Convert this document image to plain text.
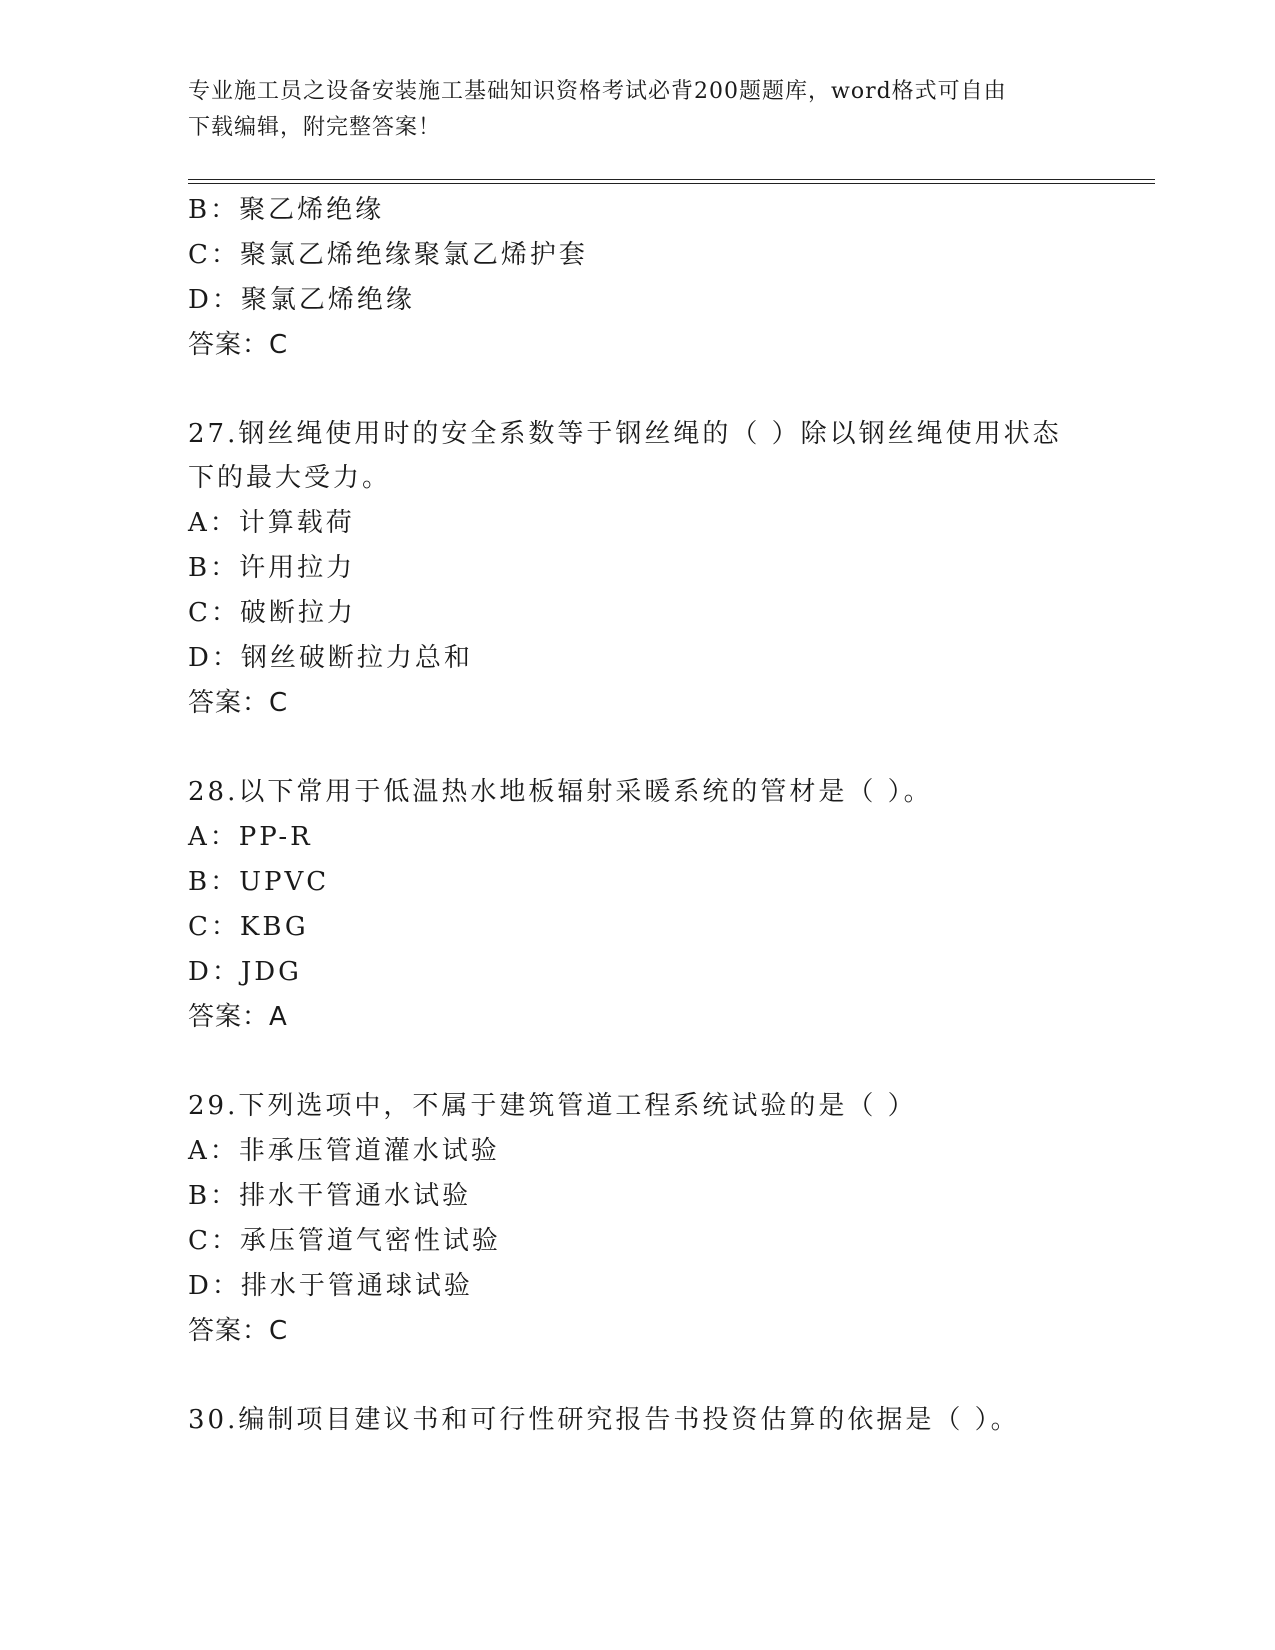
专业施工员之设备安装施工基础知识资格考试必背200题题库，word格式可自由
下载编辑，附完整答案！
B：聚乙烯绝缘
C：聚氯乙烯绝缘聚氯乙烯护套
D：聚氯乙烯绝缘
答案：C
27.钢丝绳使用时的安全系数等于钢丝绳的（ ）除以钢丝绳使用状态
下的最大受力。
A：计算载荷
B：许用拉力
C：破断拉力
D：钢丝破断拉力总和
答案：C
28.以下常用于低温热水地板辐射采暖系统的管材是（ ）。
A：PP-R
B：UPVC
C：KBG
D：JDG
答案：A
29.下列选项中，不属于建筑管道工程系统试验的是（ ）
A：非承压管道灌水试验
B：排水干管通水试验
C：承压管道气密性试验
D：排水于管通球试验
答案：C
30.编制项目建议书和可行性研究报告书投资估算的依据是（ ）。
